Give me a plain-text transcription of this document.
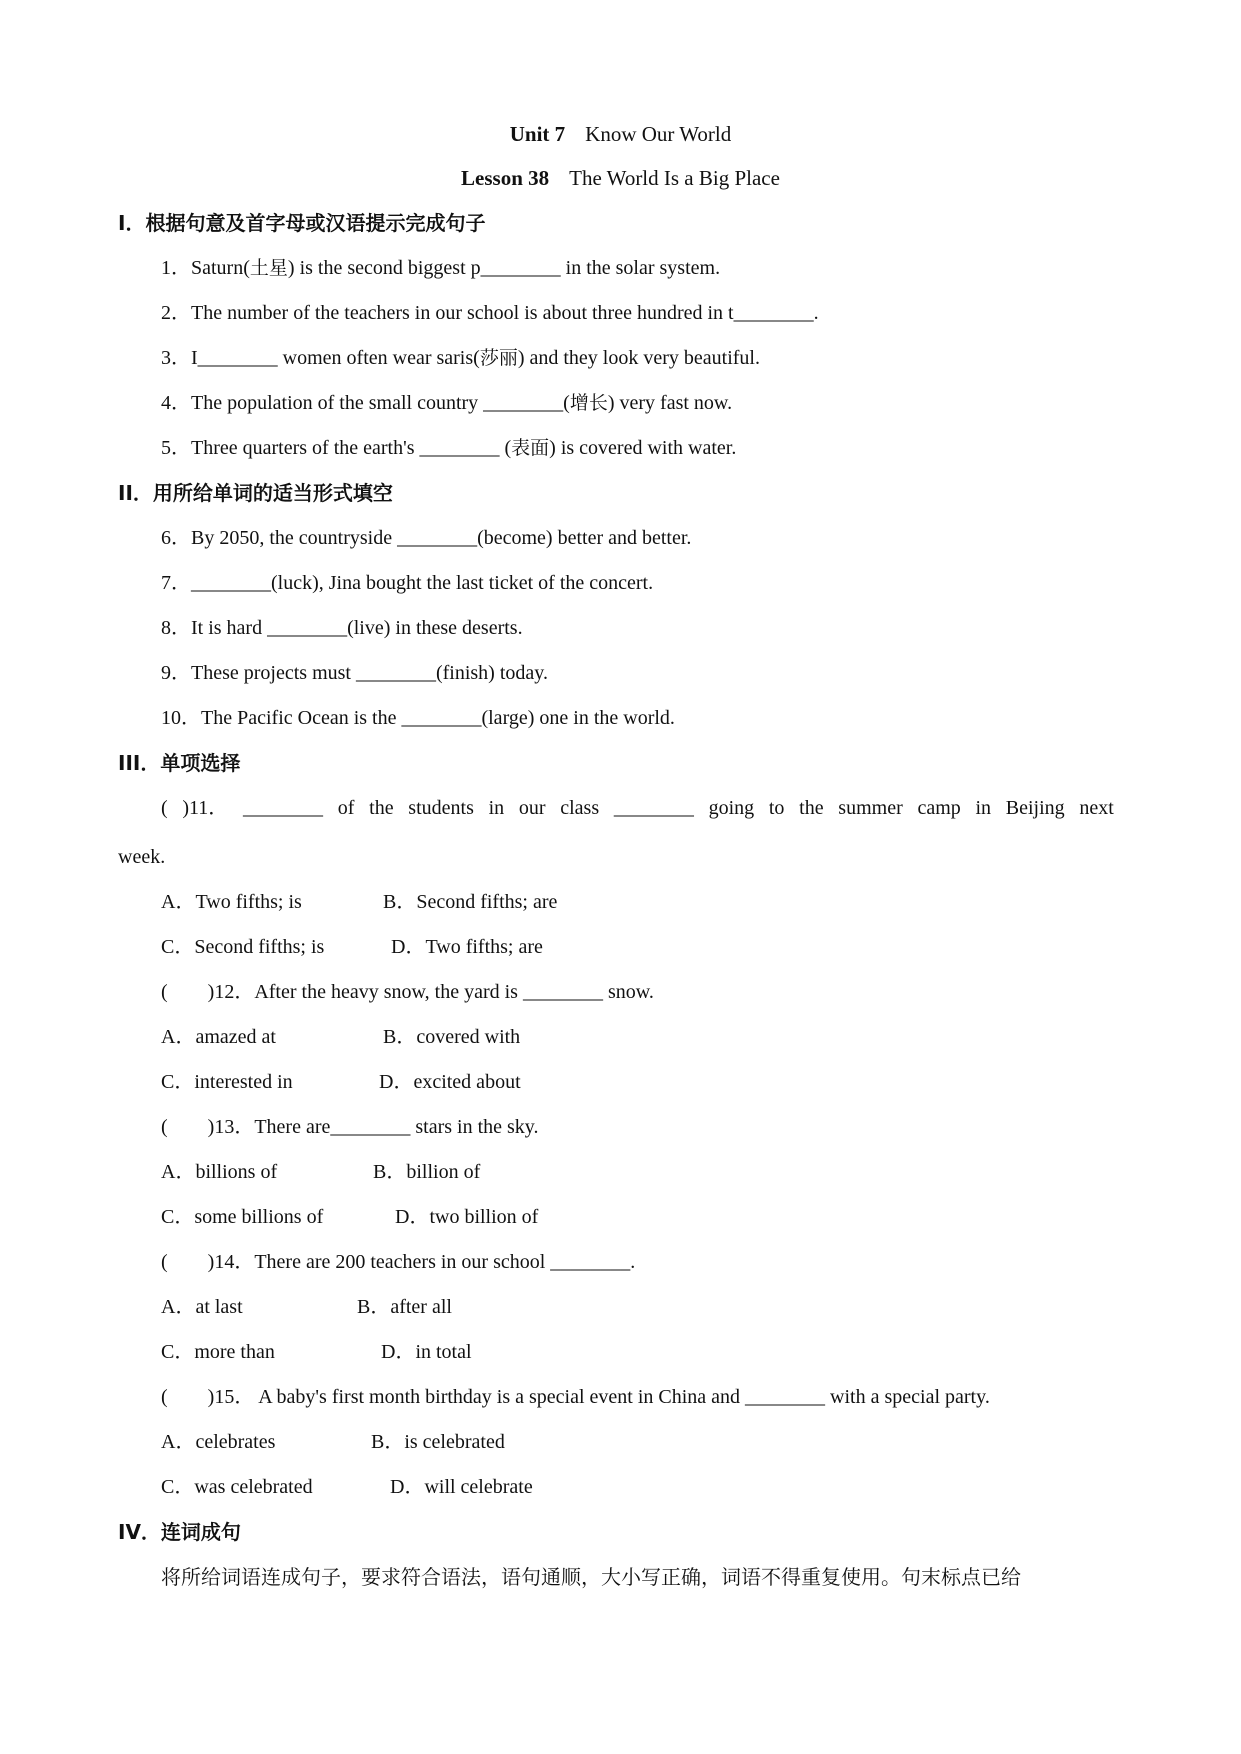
Unit 7 Know Our World
Lesson 38 The World Is a Big Place
I．根据句意及首字母或汉语提示完成句子
1．Saturn(土星) is the second biggest p________ in the solar system.
2．The number of the teachers in our school is about three hundred in t________.
3．I________ women often wear saris(莎丽) and they look very beautiful.
4．The population of the small country ________(增长) very fast now.
5．Three quarters of the earth's ________ (表面) is covered with water.
II．用所给单词的适当形式填空
6．By 2050, the countryside ________(become) better and better.
7．________(luck), Jina bought the last ticket of the concert.
8．It is hard ________(live) in these deserts.
9．These projects must ________(finish) today.
10．The Pacific Ocean is the ________(large) one in the world.
III．单项选择
( )11． ________ of the students in our class ________ going to the summer camp in Beijing next
week.
A．Two fifths; is	B．Second fifths; are
C．Second fifths; is	D．Two fifths; are
(　　)12．After the heavy snow, the yard is ________ snow.
A．amazed at	B．covered with
C．interested in	D．excited about
(　　)13．There are________ stars in the sky.
A．billions of	B．billion of
C．some billions of	D．two billion of
(　　)14．There are 200 teachers in our school ________.
A．at last	B．after all
C．more than	D．in total
(　　)15． A baby's first month birthday is a special event in China and ________ with a special party.
A．celebrates	B．is celebrated
C．was celebrated	D．will celebrate
IV．连词成句
将所给词语连成句子，要求符合语法，语句通顺，大小写正确，词语不得重复使用。句末标点已给
